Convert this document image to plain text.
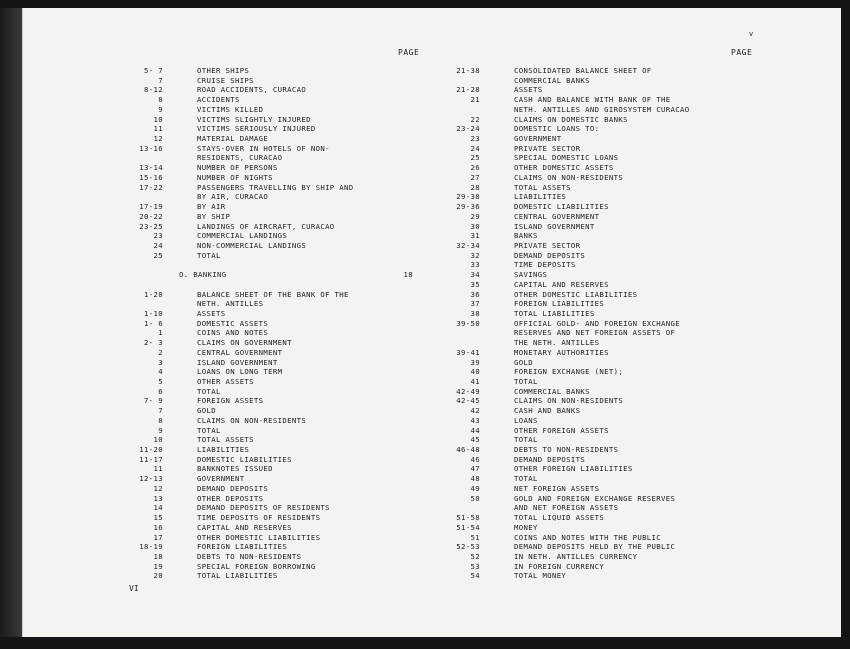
PAGE	PAGE
v
5- 7	OTHER SHIPS
7	CRUISE SHIPS
8-12	ROAD ACCIDENTS, CURACAO
8	ACCIDENTS
9	VICTIMS KILLED
10	VICTIMS SLIGHTLY INJURED
11	VICTIMS SERIOUSLY INJURED
12	MATERIAL DAMAGE
13-16	STAYS-OVER IN HOTELS OF NON-
RESIDENTS, CURACAO
13-14	NUMBER OF PERSONS
15-16	NUMBER OF NIGHTS
17-22	PASSENGERS TRAVELLING BY SHIP AND
BY AIR, CURACAO
17-19	BY AIR
20-22	BY SHIP
23-25	LANDINGS OF AIRCRAFT, CURACAO
23	COMMERCIAL LANDINGS
24	NON-COMMERCIAL LANDINGS
25	TOTAL
O. BANKING	18
1-20	BALANCE SHEET OF THE BANK OF THE
NETH. ANTILLES
1-10	ASSETS
1- 6	DOMESTIC ASSETS
1	COINS AND NOTES
2- 3	CLAIMS ON GOVERNMENT
2	CENTRAL GOVERNMENT
3	ISLAND GOVERNMENT
4	LOANS ON LONG TERM
5	OTHER ASSETS
6	TOTAL
7- 9	FOREIGN ASSETS
7	GOLD
8	CLAIMS ON NON-RESIDENTS
9	TOTAL
10	TOTAL ASSETS
11-20	LIABILITIES
11-17	DOMESTIC LIABILITIES
11	BANKNOTES ISSUED
12-13	GOVERNMENT
12	DEMAND DEPOSITS
13	OTHER DEPOSITS
14	DEMAND DEPOSITS OF RESIDENTS
15	TIME DEPOSITS OF RESIDENTS
16	CAPITAL AND RESERVES
17	OTHER DOMESTIC LIABILITIES
18-19	FOREIGN LIABILITIES
18	DEBTS TO NON-RESIDENTS
19	SPECIAL FOREIGN BORROWING
20	TOTAL LIABILITIES
21-38	CONSOLIDATED BALANCE SHEET OF
COMMERCIAL BANKS
21-28	ASSETS
21	CASH AND BALANCE WITH BANK OF THE
NETH. ANTILLES AND GIROSYSTEM CURACAO
22	CLAIMS ON DOMESTIC BANKS
23-24	DOMESTIC LOANS TO:
23	GOVERNMENT
24	PRIVATE SECTOR
25	SPECIAL DOMESTIC LOANS
26	OTHER DOMESTIC ASSETS
27	CLAIMS ON NON-RESIDENTS
28	TOTAL ASSETS
29-38	LIABILITIES
29-36	DOMESTIC LIABILITIES
29	CENTRAL GOVERNMENT
30	ISLAND GOVERNMENT
31	BANKS
32-34	PRIVATE SECTOR
32	DEMAND DEPOSITS
33	TIME DEPOSITS
34	SAVINGS
35	CAPITAL AND RESERVES
36	OTHER DOMESTIC LIABILITIES
37	FOREIGN LIABILITIES
38	TOTAL LIABILITIES
39-50	OFFICIAL GOLD- AND FOREIGN EXCHANGE
RESERVES AND NET FOREIGN ASSETS OF
THE NETH. ANTILLES
39-41	MONETARY AUTHORITIES
39	GOLD
40	FOREIGN EXCHANGE (NET);
41	TOTAL
42-49	COMMERCIAL BANKS
42-45	CLAIMS ON NON-RESIDENTS
42	CASH AND BANKS
43	LOANS
44	OTHER FOREIGN ASSETS
45	TOTAL
46-48	DEBTS TO NON-RESIDENTS
46	DEMAND DEPOSITS
47	OTHER FOREIGN LIABILITIES
48	TOTAL
49	NET FOREIGN ASSETS
50	GOLD AND FOREIGN EXCHANGE RESERVES
AND NET FOREIGN ASSETS
51-58	TOTAL LIQUID ASSETS
51-54	MONEY
51	COINS AND NOTES WITH THE PUBLIC
52-53	DEMAND DEPOSITS HELD BY THE PUBLIC
52	IN NETH. ANTILLES CURRENCY
53	IN FOREIGN CURRENCY
54	TOTAL MONEY
VI
